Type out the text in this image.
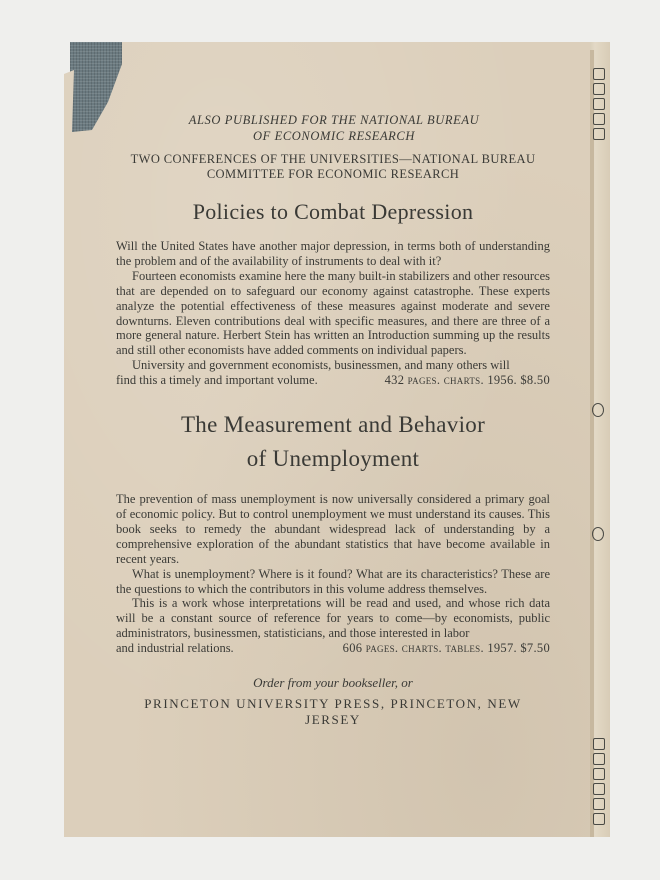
ALSO PUBLISHED FOR THE NATIONAL BUREAU
OF ECONOMIC RESEARCH
TWO CONFERENCES OF THE UNIVERSITIES—NATIONAL BUREAU
COMMITTEE FOR ECONOMIC RESEARCH
Policies to Combat Depression

Will the United States have another major depression, in terms both of understanding the problem and of the availability of instruments to deal with it?

Fourteen economists examine here the many built-in stabilizers and other resources that are depended on to safeguard our economy against catastrophe. These experts analyze the potential effectiveness of these measures against moderate and severe downturns. Eleven contributions deal with specific measures, and there are three of a more general nature. Herbert Stein has written an Introduction summing up the results and still other economists have added comments on individual papers.

University and government economists, businessmen, and many others will

find this a timely and important volume.	432 pages. charts. 1956. $8.50
The Measurement and Behavior
of Unemployment

The prevention of mass unemployment is now universally considered a primary goal of economic policy. But to control unemployment we must understand its causes. This book seeks to remedy the abundant widespread lack of understanding by a comprehensive exploration of the abundant statistics that have become available in recent years.

What is unemployment? Where is it found? What are its characteristics? These are the questions to which the contributors in this volume address themselves.

This is a work whose interpretations will be read and used, and whose rich data will be a constant source of reference for years to come—by economists, public administrators, businessmen, statisticians, and those interested in labor

and industrial relations.	606 pages. charts. tables. 1957. $7.50
Order from your bookseller, or
PRINCETON UNIVERSITY PRESS, PRINCETON, NEW JERSEY
